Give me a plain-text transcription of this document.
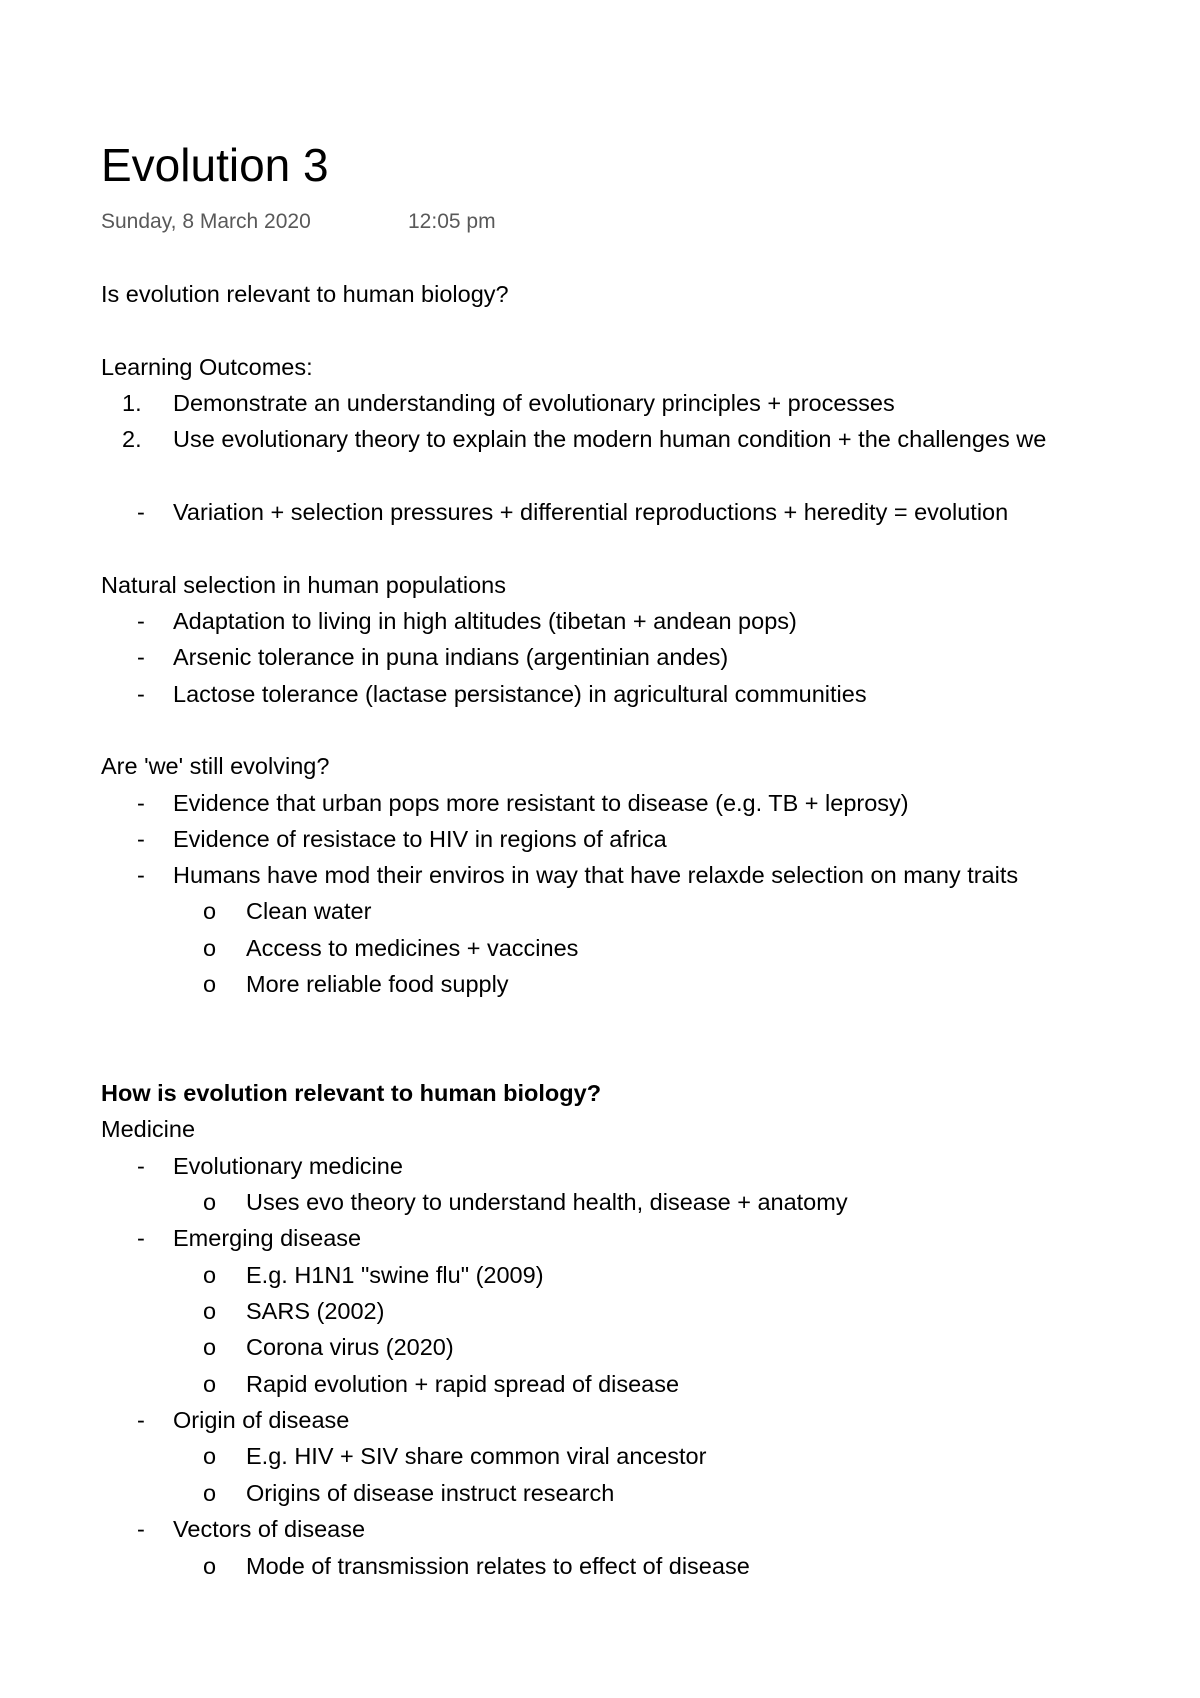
Evolution 3
Sunday, 8 March 2020	12:05 pm
Is evolution relevant to human biology?
Learning Outcomes:
1. Demonstrate an understanding of evolutionary principles + processes
2. Use evolutionary theory to explain the modern human condition + the challenges we
- Variation + selection pressures + differential reproductions + heredity = evolution
Natural selection in human populations
- Adaptation to living in high altitudes (tibetan + andean pops)
- Arsenic tolerance in puna indians (argentinian andes)
- Lactose tolerance (lactase persistance) in agricultural communities
Are 'we' still evolving?
- Evidence that urban pops more resistant to disease (e.g. TB + leprosy)
- Evidence of resistace to HIV in regions of africa
- Humans have mod their enviros in way that have relaxde selection on many traits
o Clean water
o Access to medicines + vaccines
o More reliable food supply
How is evolution relevant to human biology?
Medicine
- Evolutionary medicine
o Uses evo theory to understand health, disease + anatomy
- Emerging disease
o E.g. H1N1 "swine flu" (2009)
o SARS (2002)
o Corona virus (2020)
o Rapid evolution + rapid spread of disease
- Origin of disease
o E.g. HIV + SIV share common viral ancestor
o Origins of disease instruct research
- Vectors of disease
o Mode of transmission relates to effect of disease
